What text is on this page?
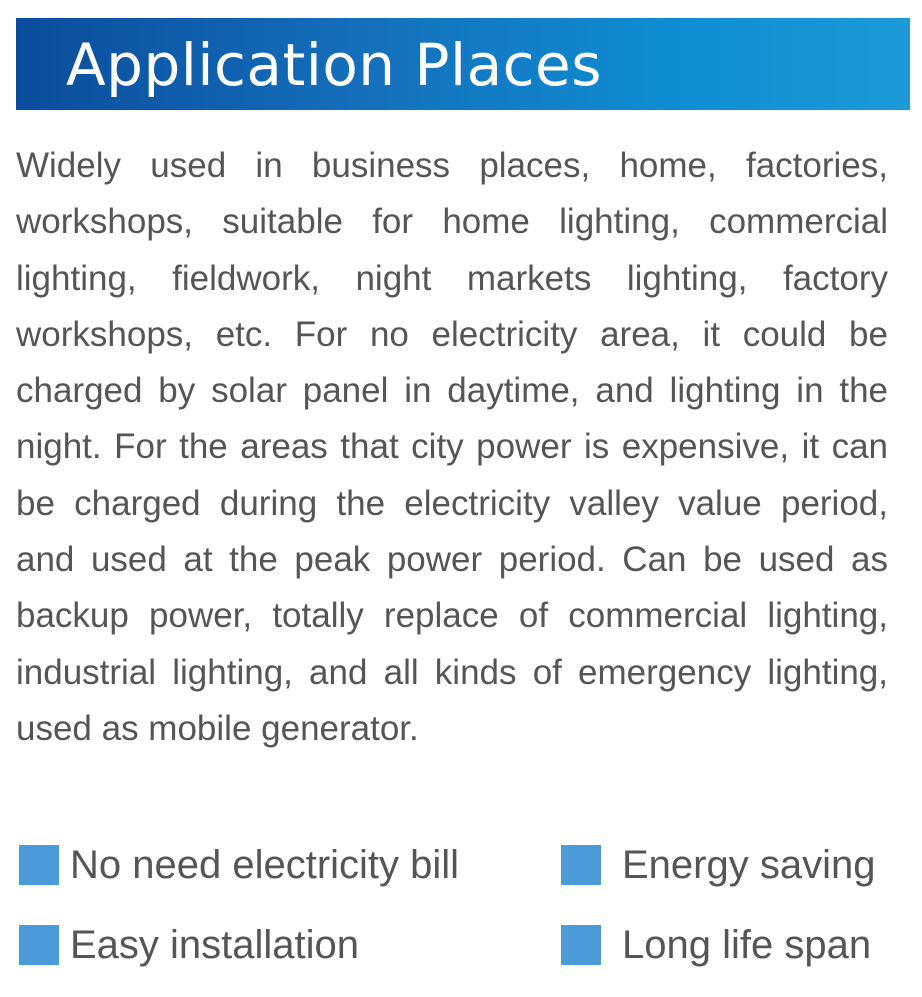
Application Places

Widely used in business places, home, factories, workshops, suitable for home lighting, commercial lighting, fieldwork, night markets lighting, factory workshops, etc. For no electricity area, it could be charged by solar panel in daytime, and lighting in the night. For the areas that city power is expensive, it can be charged during the electricity valley value period, and used at the peak power period. Can be used as backup power, totally replace of commercial lighting, industrial lighting, and all kinds of emergency lighting, used as mobile generator.

No need electricity bill	Energy saving
Easy installation	Long life span
